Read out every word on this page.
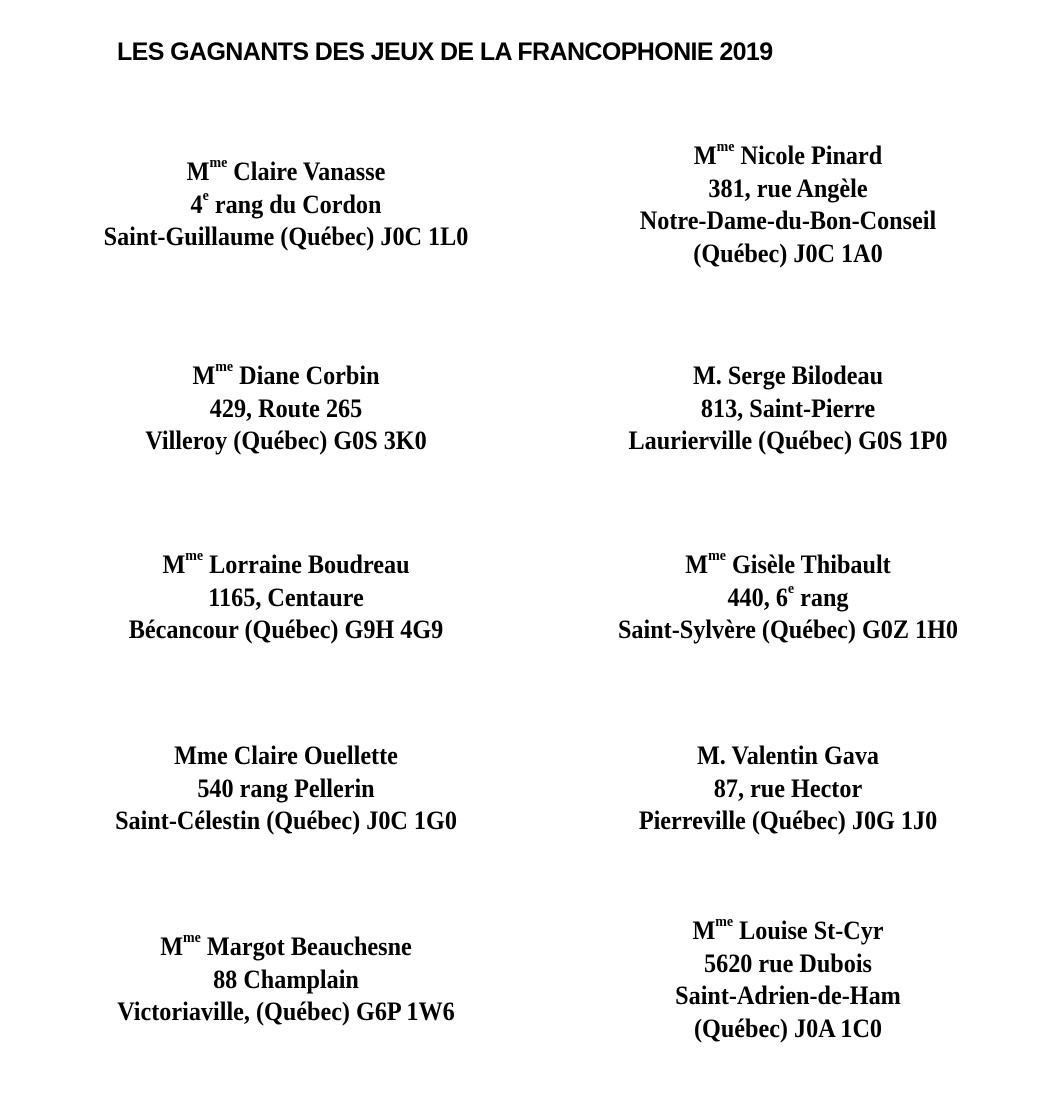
LES GAGNANTS DES JEUX DE LA FRANCOPHONIE 2019
$M^{me}$ Claire Vanasse
4e rang du Cordon
Saint-Guillaume (Québec) J0C 1L0
$M^{me}$ Nicole Pinard
381, rue Angèle
Notre-Dame-du-Bon-Conseil
(Québec) J0C 1A0
$M^{me}$ Diane Corbin
429, Route 265
Villeroy (Québec) G0S 3K0
M. Serge Bilodeau
813, Saint-Pierre
Laurierville (Québec) G0S 1P0
$M^{me}$ Lorraine Boudreau
1165, Centaure
Bécancour (Québec) G9H 4G9
$M^{me}$ Gisèle Thibault
440, 6e rang
Saint-Sylvère (Québec) G0Z 1H0
Mme Claire Ouellette
540 rang Pellerin
Saint-Célestin (Québec) J0C 1G0
M. Valentin Gava
87, rue Hector
Pierreville (Québec) J0G 1J0
$M^{me}$ Margot Beauchesne
88 Champlain
Victoriaville, (Québec) G6P 1W6
$M^{me}$ Louise St-Cyr
5620 rue Dubois
Saint-Adrien-de-Ham
(Québec) J0A 1C0
